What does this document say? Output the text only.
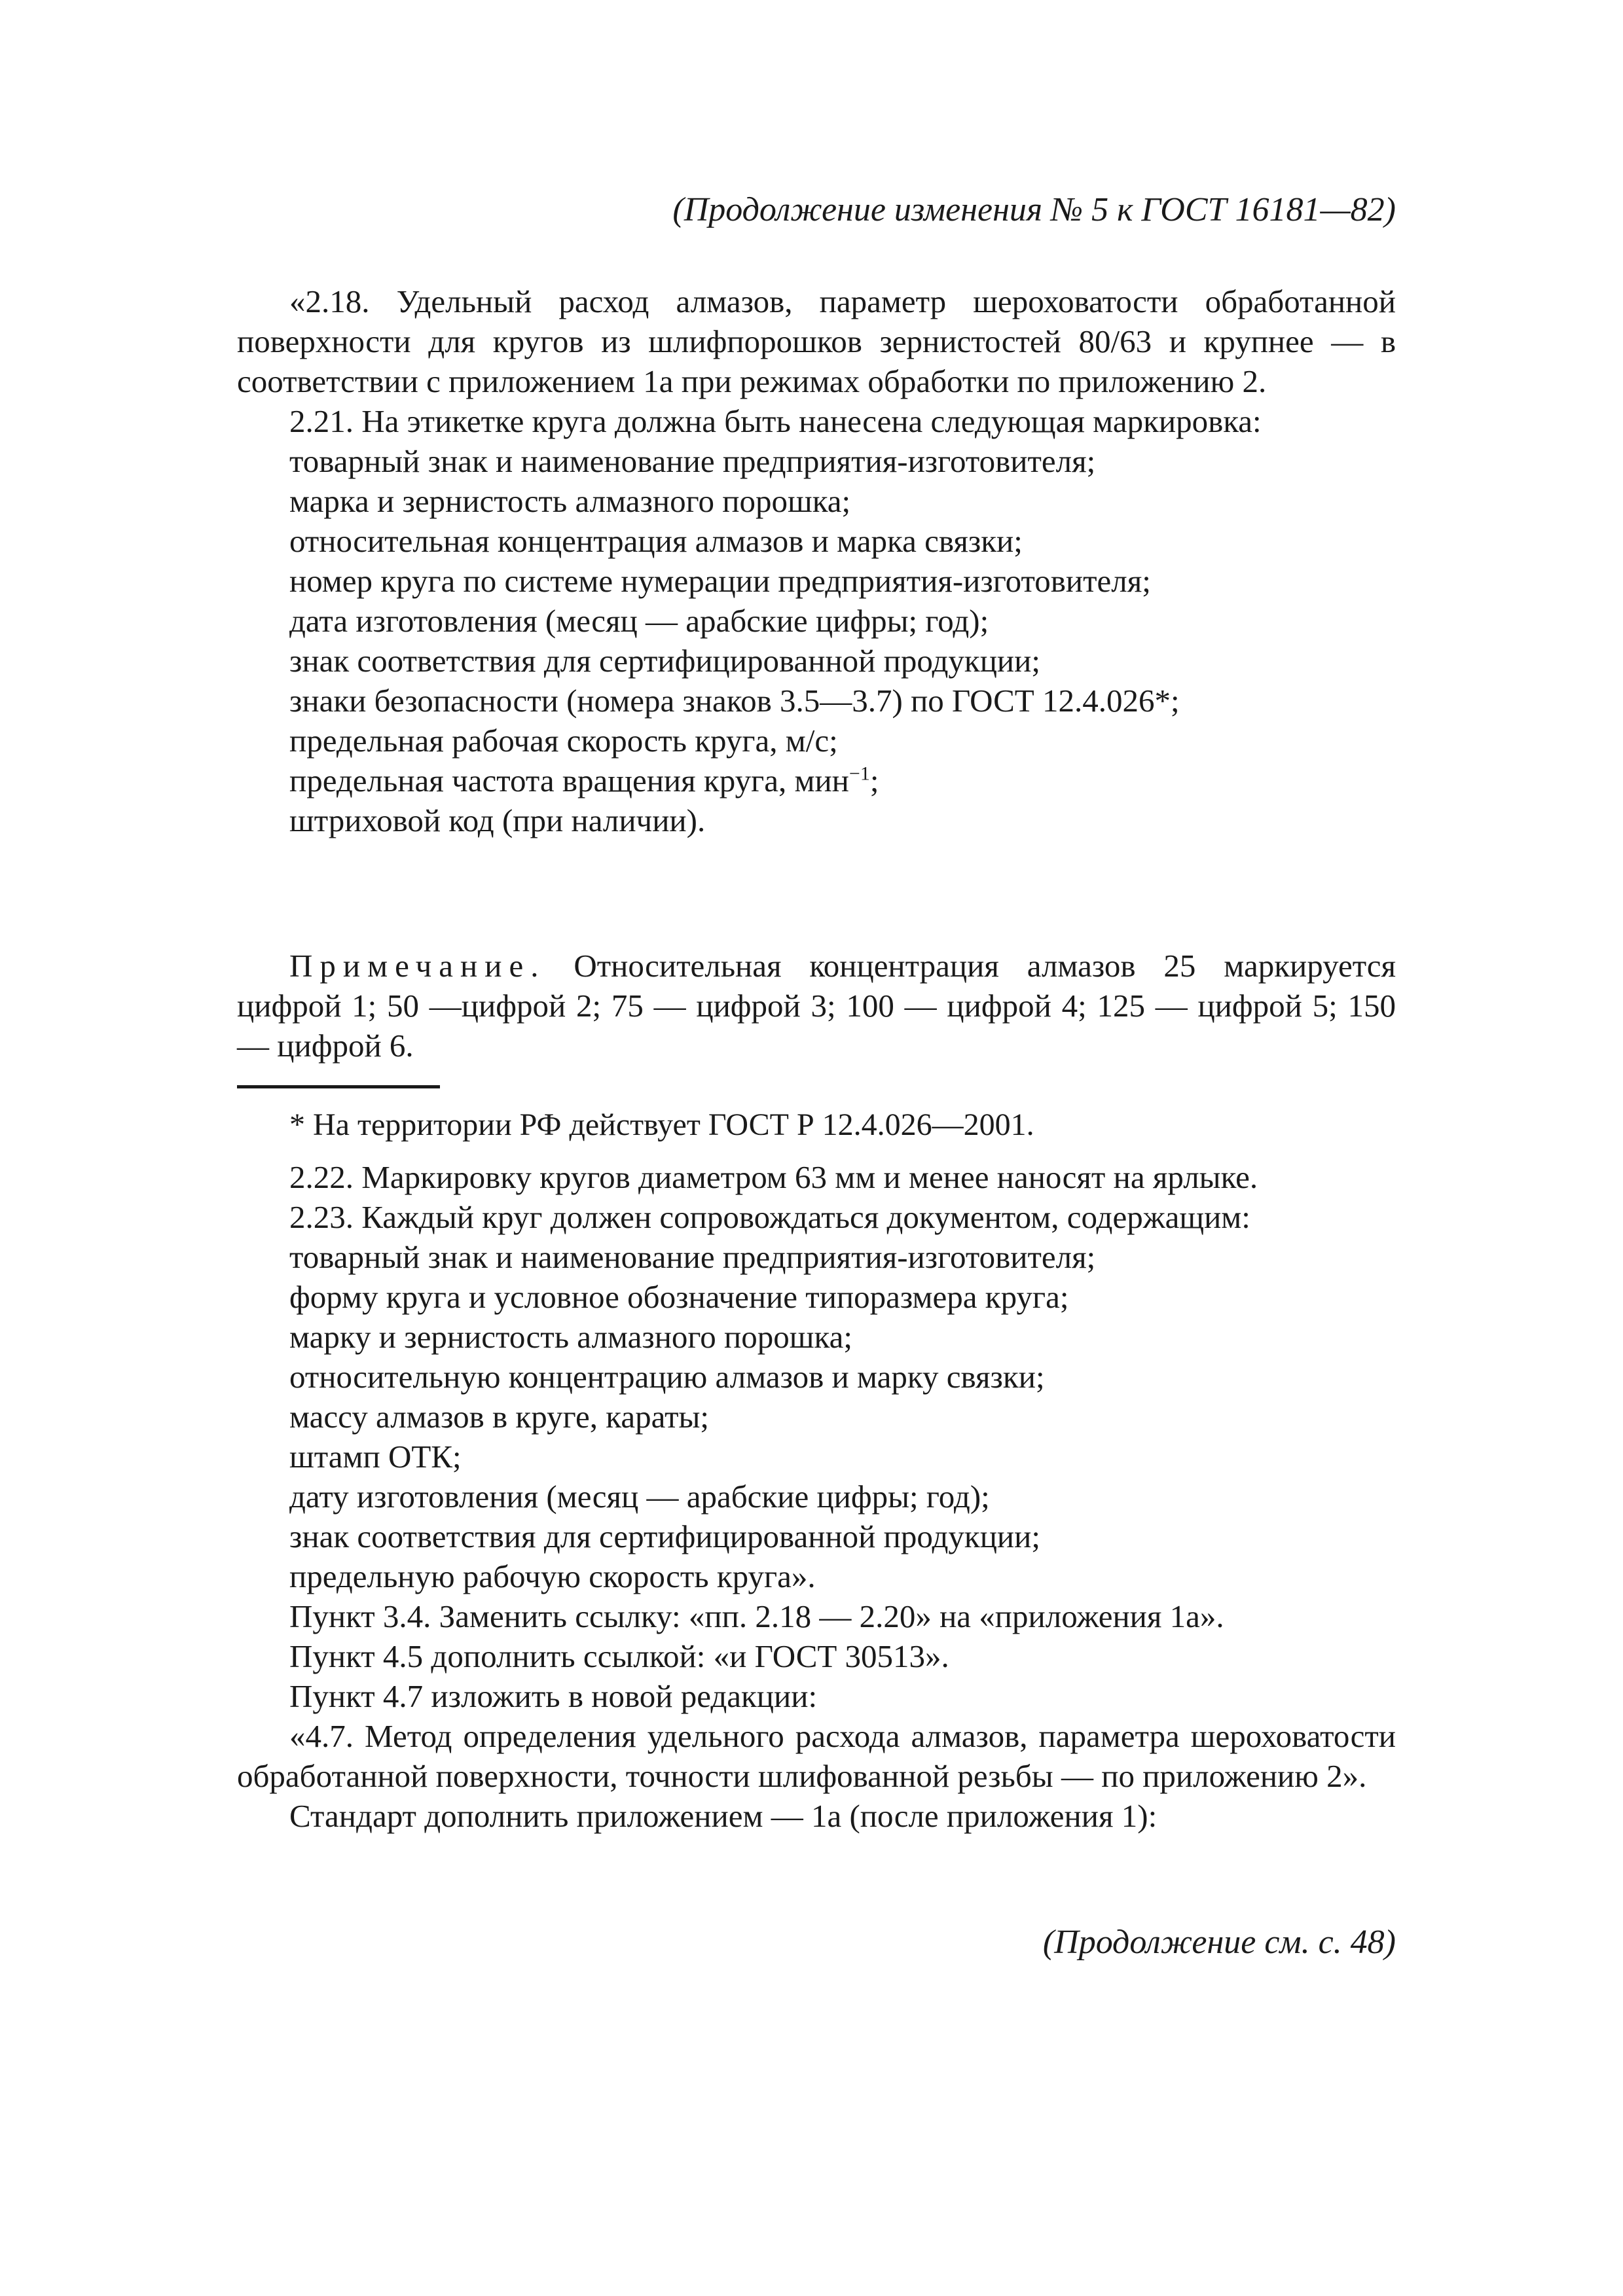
(Продолжение изменения № 5 к ГОСТ 16181—82)

«2.18. Удельный расход алмазов, параметр шероховатости обработанной поверхности для кругов из шлифпорошков зернистостей 80/63 и крупнее — в соответствии с приложением 1а при режимах обработки по приложению 2.

2.21. На этикетке круга должна быть нанесена следующая маркировка:

товарный знак и наименование предприятия-изготовителя;
марка и зернистость алмазного порошка;
относительная концентрация алмазов и марка связки;
номер круга по системе нумерации предприятия-изготовителя;
дата изготовления (месяц — арабские цифры; год);
знак соответствия для сертифицированной продукции;
знаки безопасности (номера знаков 3.5—3.7) по ГОСТ 12.4.026*;
предельная рабочая скорость круга, м/с;
предельная частота вращения круга, мин$^{-1}$;
штриховой код (при наличии).

Примечание. Относительная концентрация алмазов 25 маркируется цифрой 1; 50 —цифрой 2; 75 — цифрой 3; 100 — цифрой 4; 125 — цифрой 5; 150 — цифрой 6.

* На территории РФ действует ГОСТ Р 12.4.026—2001.

2.22. Маркировку кругов диаметром 63 мм и менее наносят на ярлыке.

2.23. Каждый круг должен сопровождаться документом, содержащим:

товарный знак и наименование предприятия-изготовителя;
форму круга и условное обозначение типоразмера круга;
марку и зернистость алмазного порошка;
относительную концентрацию алмазов и марку связки;
массу алмазов в круге, караты;
штамп ОТК;
дату изготовления (месяц — арабские цифры; год);
знак соответствия для сертифицированной продукции;
предельную рабочую скорость круга».
Пункт 3.4. Заменить ссылку: «пп. 2.18 — 2.20» на «приложения 1а».
Пункт 4.5 дополнить ссылкой: «и ГОСТ 30513».
Пункт 4.7 изложить в новой редакции:

«4.7. Метод определения удельного расхода алмазов, параметра шероховатости обработанной поверхности, точности шлифованной резьбы — по приложению 2».

Стандарт дополнить приложением — 1а (после приложения 1):
(Продолжение см. с. 48)
